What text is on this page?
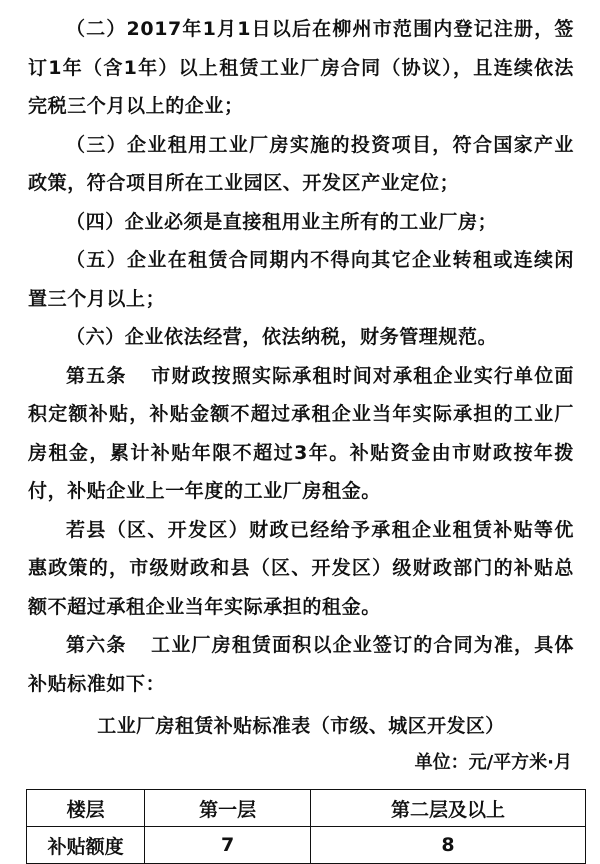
（二）2017年1月1日以后在柳州市范围内登记注册，签订1年（含1年）以上租赁工业厂房合同（协议），且连续依法完税三个月以上的企业；

（三）企业租用工业厂房实施的投资项目，符合国家产业政策，符合项目所在工业园区、开发区产业定位；

（四）企业必须是直接租用业主所有的工业厂房；

（五）企业在租赁合同期内不得向其它企业转租或连续闲置三个月以上；

（六）企业依法经营，依法纳税，财务管理规范。

第五条 市财政按照实际承租时间对承租企业实行单位面积定额补贴，补贴金额不超过承租企业当年实际承担的工业厂房租金，累计补贴年限不超过3年。补贴资金由市财政按年拨付，补贴企业上一年度的工业厂房租金。

若县（区、开发区）财政已经给予承租企业租赁补贴等优惠政策的，市级财政和县（区、开发区）级财政部门的补贴总额不超过承租企业当年实际承担的租金。

第六条 工业厂房租赁面积以企业签订的合同为准，具体补贴标准如下：

工业厂房租赁补贴标准表（市级、城区开发区）

单位：元/平方米·月

楼层	第一层	第二层及以上
补贴额度	7	8
